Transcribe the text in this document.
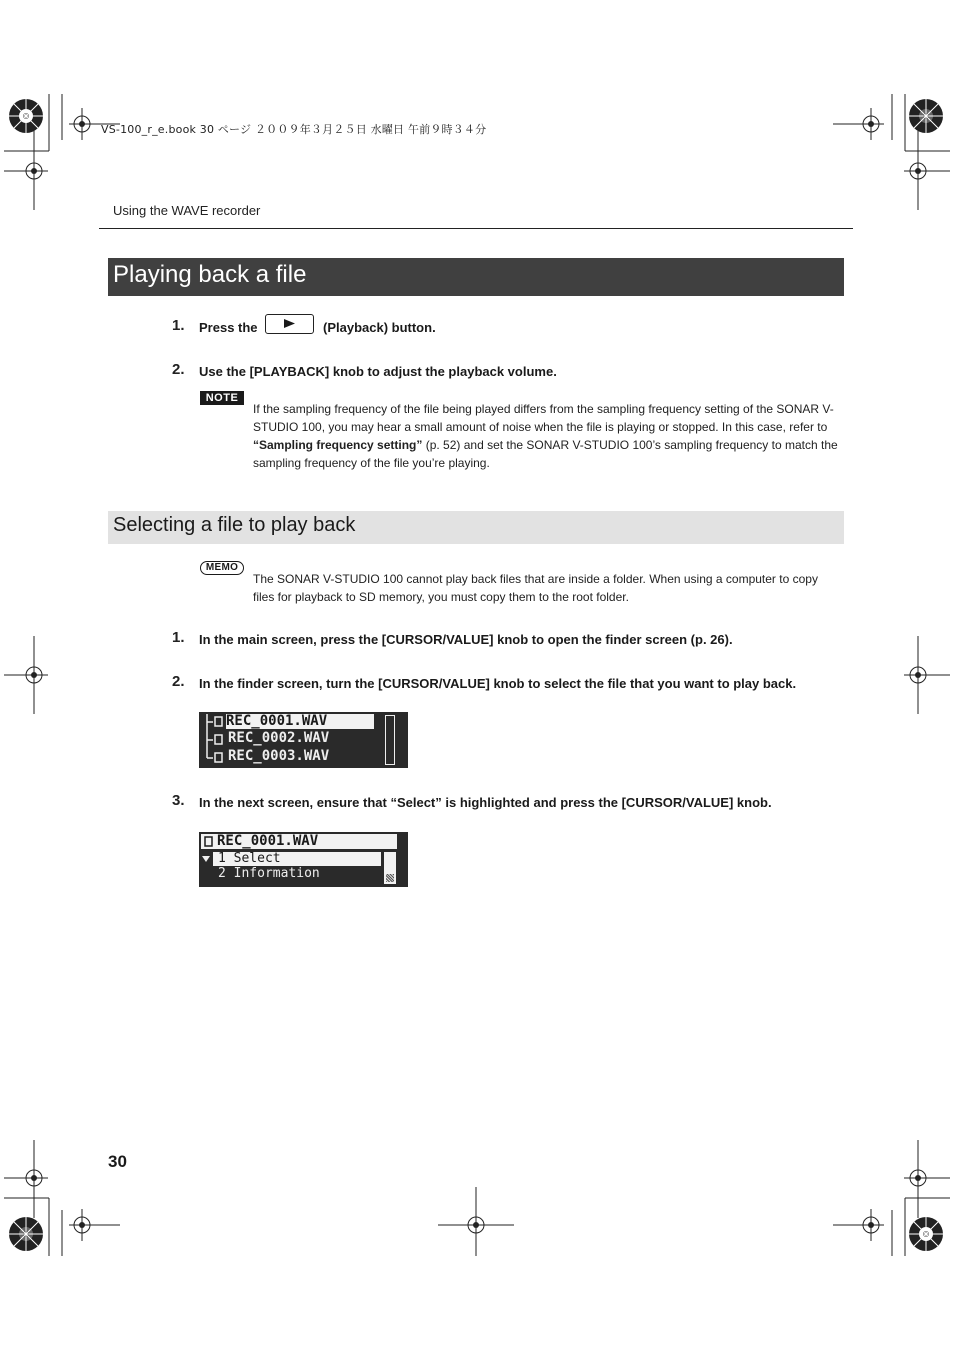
VS-100_r_e.book 30 ページ ２００９年３月２５日 水曜日 午前９時３４分
Using the WAVE recorder
Playing back a file
1. Press the	(Playback) button.
2. Use the [PLAYBACK] knob to adjust the playback volume.
NOTE
If the sampling frequency of the file being played differs from the sampling frequency setting of the SONAR V-STUDIO 100, you may hear a small amount of noise when the file is playing or stopped. In this case, refer to “Sampling frequency setting” (p. 52) and set the SONAR V-STUDIO 100’s sampling frequency to match the sampling frequency of the file you’re playing.
Selecting a file to play back
MEMO
The SONAR V-STUDIO 100 cannot play back files that are inside a folder. When using a computer to copy files for playback to SD memory, you must copy them to the root folder.
1. In the main screen, press the [CURSOR/VALUE] knob to open the finder screen (p. 26).
2. In the finder screen, turn the [CURSOR/VALUE] knob to select the file that you want to play back.
REC_0001.WAV
REC_0002.WAV
REC_0003.WAV
3. In the next screen, ensure that “Select” is highlighted and press the [CURSOR/VALUE] knob.
REC_0001.WAV
1 Select
2 Information
30
